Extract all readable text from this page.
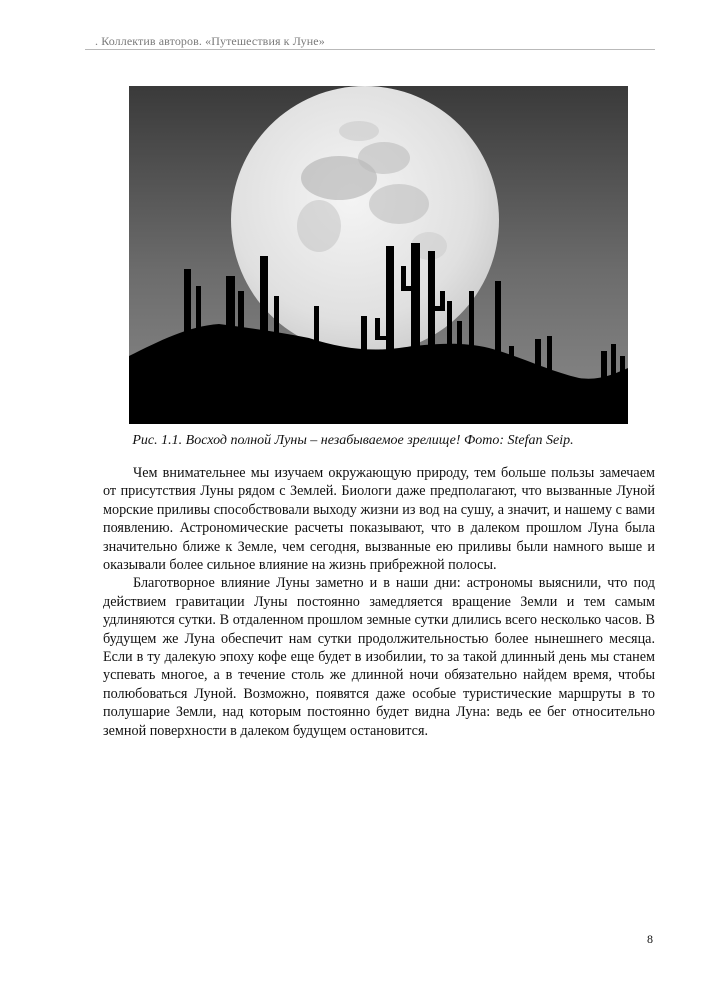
. Коллектив авторов. «Путешествия к Луне»
Рис. 1.1. Восход полной Луны – незабываемое зрелище! Фото: Stefan Seip.

Чем внимательнее мы изучаем окружающую природу, тем больше пользы замечаем от присутствия Луны рядом с Землей. Биологи даже предполагают, что вызванные Луной морские приливы способствовали выходу жизни из вод на сушу, а значит, и нашему с вами появлению. Астрономические расчеты показывают, что в далеком прошлом Луна была значительно ближе к Земле, чем сегодня, вызванные ею приливы были намного выше и оказывали более сильное влияние на жизнь прибрежной полосы.

Благотворное влияние Луны заметно и в наши дни: астрономы выяснили, что под действием гравитации Луны постоянно замедляется вращение Земли и тем самым удлиняются сутки. В отдаленном прошлом земные сутки длились всего несколько часов. В будущем же Луна обеспечит нам сутки продолжительностью более нынешнего месяца. Если в ту далекую эпоху кофе еще будет в изобилии, то за такой длинный день мы станем успевать многое, а в течение столь же длинной ночи обязательно найдем время, чтобы полюбоваться Луной. Возможно, появятся даже особые туристические маршруты в то полушарие Земли, над которым постоянно будет видна Луна: ведь ее бег относительно земной поверхности в далеком будущем остановится.

8
